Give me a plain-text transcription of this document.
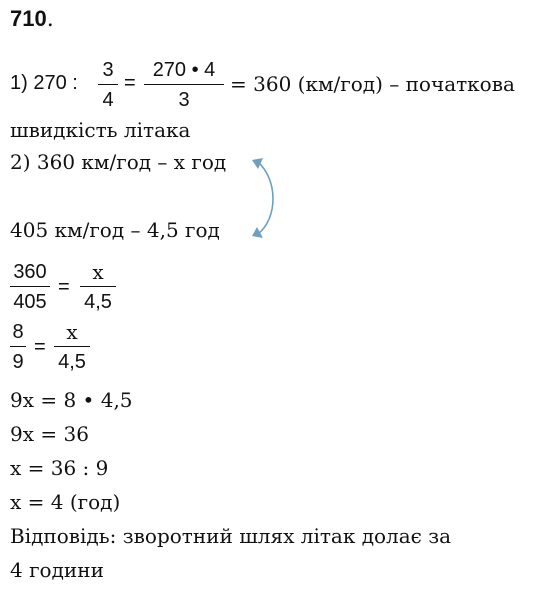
710.
1) 270 :
3
4
=
270 • 4
3
= 360 (км/год) – початкова
швидкість літака
2) 360 км/год – x год
405 км/год – 4,5 год
360
405
=
x
4,5
8
9
=
x
4,5
9x = 8 • 4,5
9x = 36
x = 36 : 9
x = 4 (год)
Відповідь: зворотний шлях літак долає за
4 години
